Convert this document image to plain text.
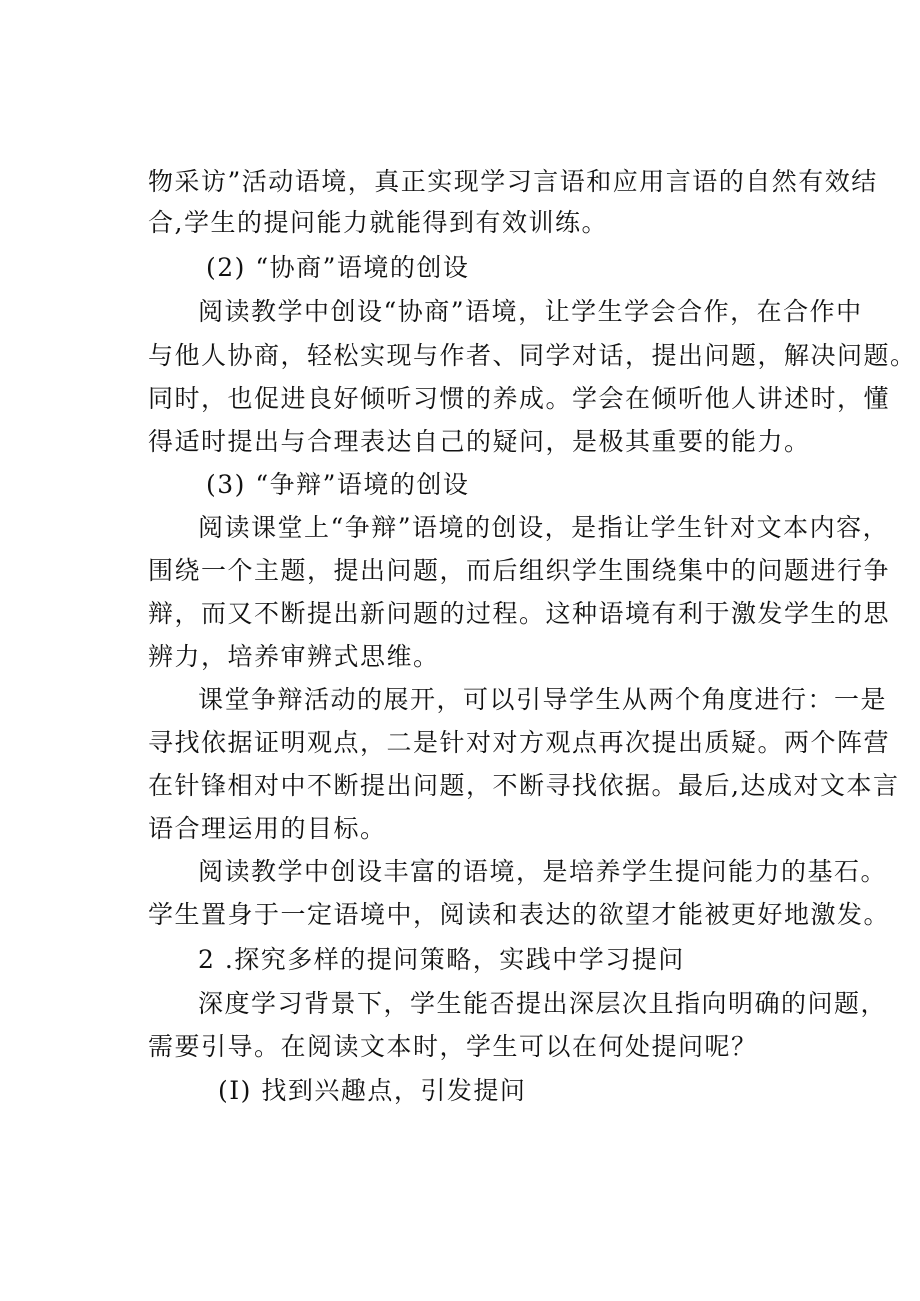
物采访”活动语境，真正实现学习言语和应用言语的自然有效结
合,学生的提问能力就能得到有效训练。
(2) “协商”语境的创设
阅读教学中创设“协商”语境，让学生学会合作，在合作中
与他人协商，轻松实现与作者、同学对话，提出问题，解决问题。
同时，也促进良好倾听习惯的养成。学会在倾听他人讲述时，懂
得适时提出与合理表达自己的疑问，是极其重要的能力。
(3) “争辩”语境的创设
阅读课堂上“争辩”语境的创设，是指让学生针对文本内容，
围绕一个主题，提出问题，而后组织学生围绕集中的问题进行争
辩，而又不断提出新问题的过程。这种语境有利于激发学生的思
辨力，培养审辨式思维。
课堂争辩活动的展开，可以引导学生从两个角度进行：一是
寻找依据证明观点，二是针对对方观点再次提出质疑。两个阵营
在针锋相对中不断提出问题，不断寻找依据。最后,达成对文本言
语合理运用的目标。
阅读教学中创设丰富的语境，是培养学生提问能力的基石。
学生置身于一定语境中，阅读和表达的欲望才能被更好地激发。
2 .探究多样的提问策略，实践中学习提问
深度学习背景下，学生能否提出深层次且指向明确的问题，
需要引导。在阅读文本时，学生可以在何处提问呢？
(I) 找到兴趣点，引发提问
